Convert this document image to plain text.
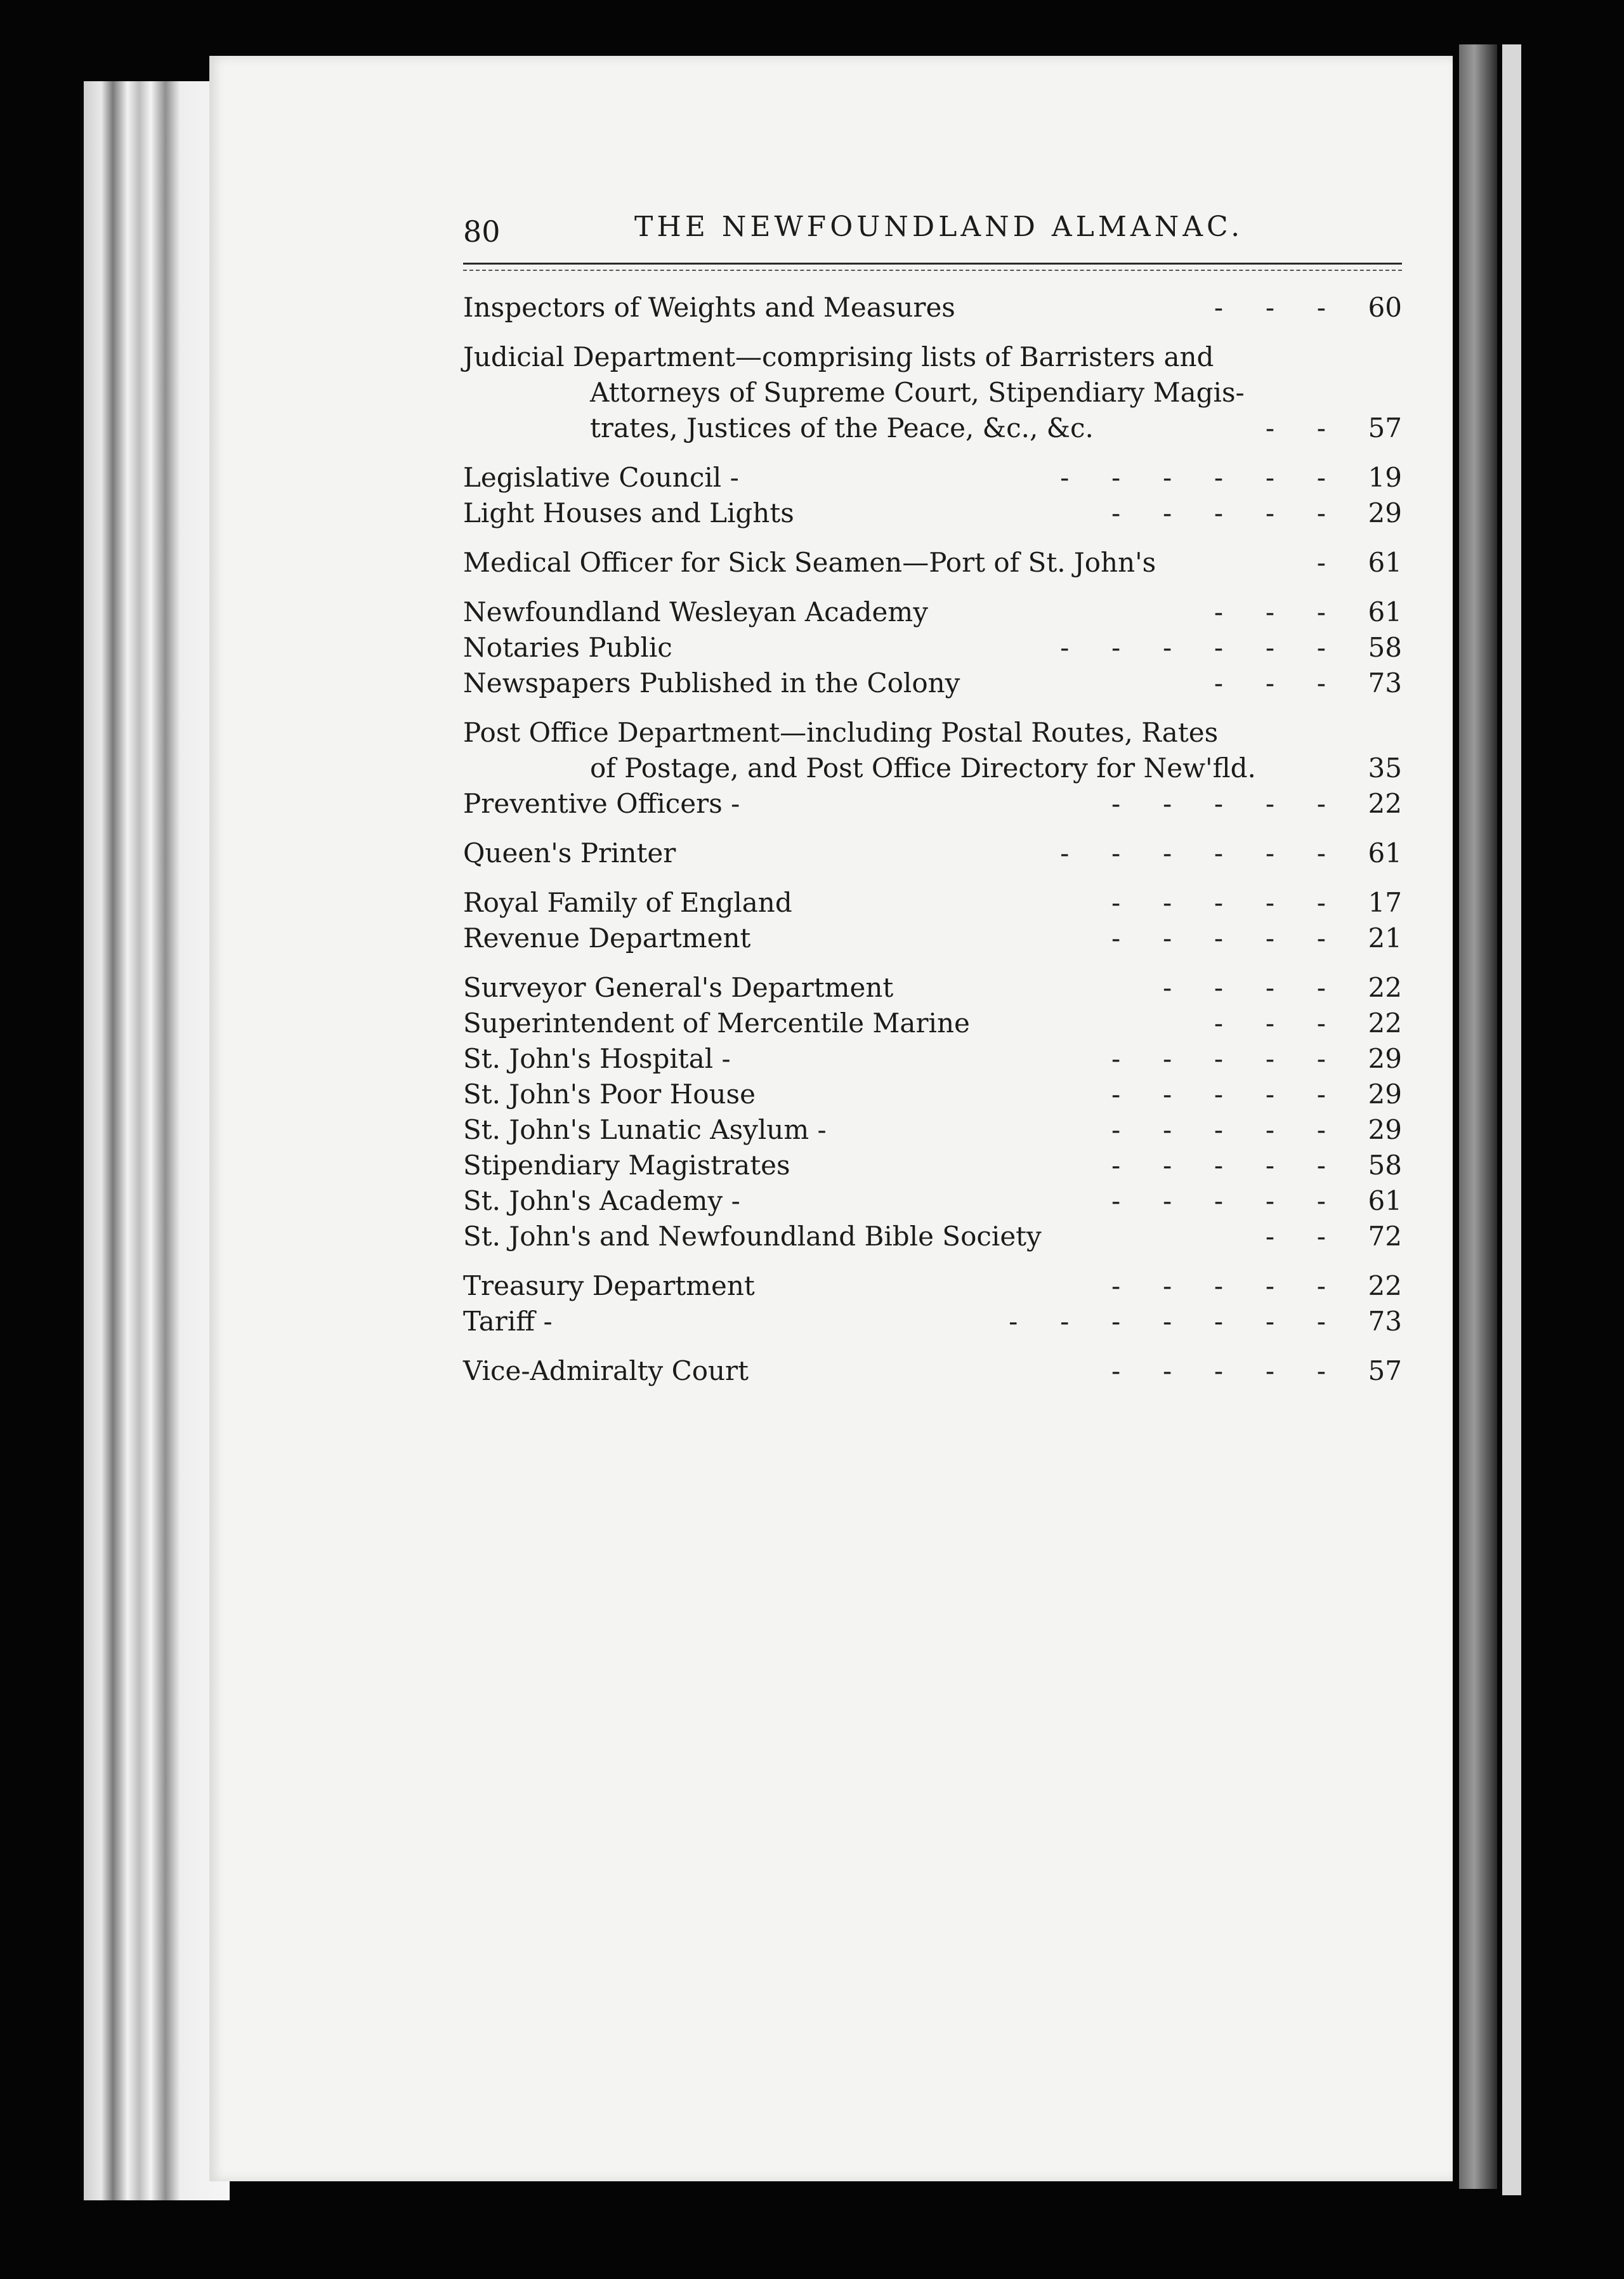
80	THE NEWFOUNDLAND ALMANAC.
Inspectors of Weights and Measures	-     -     -	60
Judicial Department—comprising lists of Barristers and
Attorneys of Supreme Court, Stipendiary Magis-
trates, Justices of the Peace, &c., &c.	-     -	57
Legislative Council -	-     -     -     -     -     -	19
Light Houses and Lights	-     -     -     -     -	29
Medical Officer for Sick Seamen—Port of St. John's	-	61
Newfoundland Wesleyan Academy	-     -     -	61
Notaries Public	-     -     -     -     -     -	58
Newspapers Published in the Colony	-     -     -	73
Post Office Department—including Postal Routes, Rates
of Postage, and Post Office Directory for New'fld.	35
Preventive Officers -	-     -     -     -     -	22
Queen's Printer	-     -     -     -     -     -	61
Royal Family of England	-     -     -     -     -	17
Revenue Department	-     -     -     -     -	21
Surveyor General's Department	-     -     -     -	22
Superintendent of Mercentile Marine	-     -     -	22
St. John's Hospital -	-     -     -     -     -	29
St. John's Poor House	-     -     -     -     -	29
St. John's Lunatic Asylum -	-     -     -     -     -	29
Stipendiary Magistrates	-     -     -     -     -	58
St. John's Academy -	-     -     -     -     -	61
St. John's and Newfoundland Bible Society	-     -	72
Treasury Department	-     -     -     -     -	22
Tariff -	-     -     -     -     -     -     -	73
Vice-Admiralty Court	-     -     -     -     -	57
